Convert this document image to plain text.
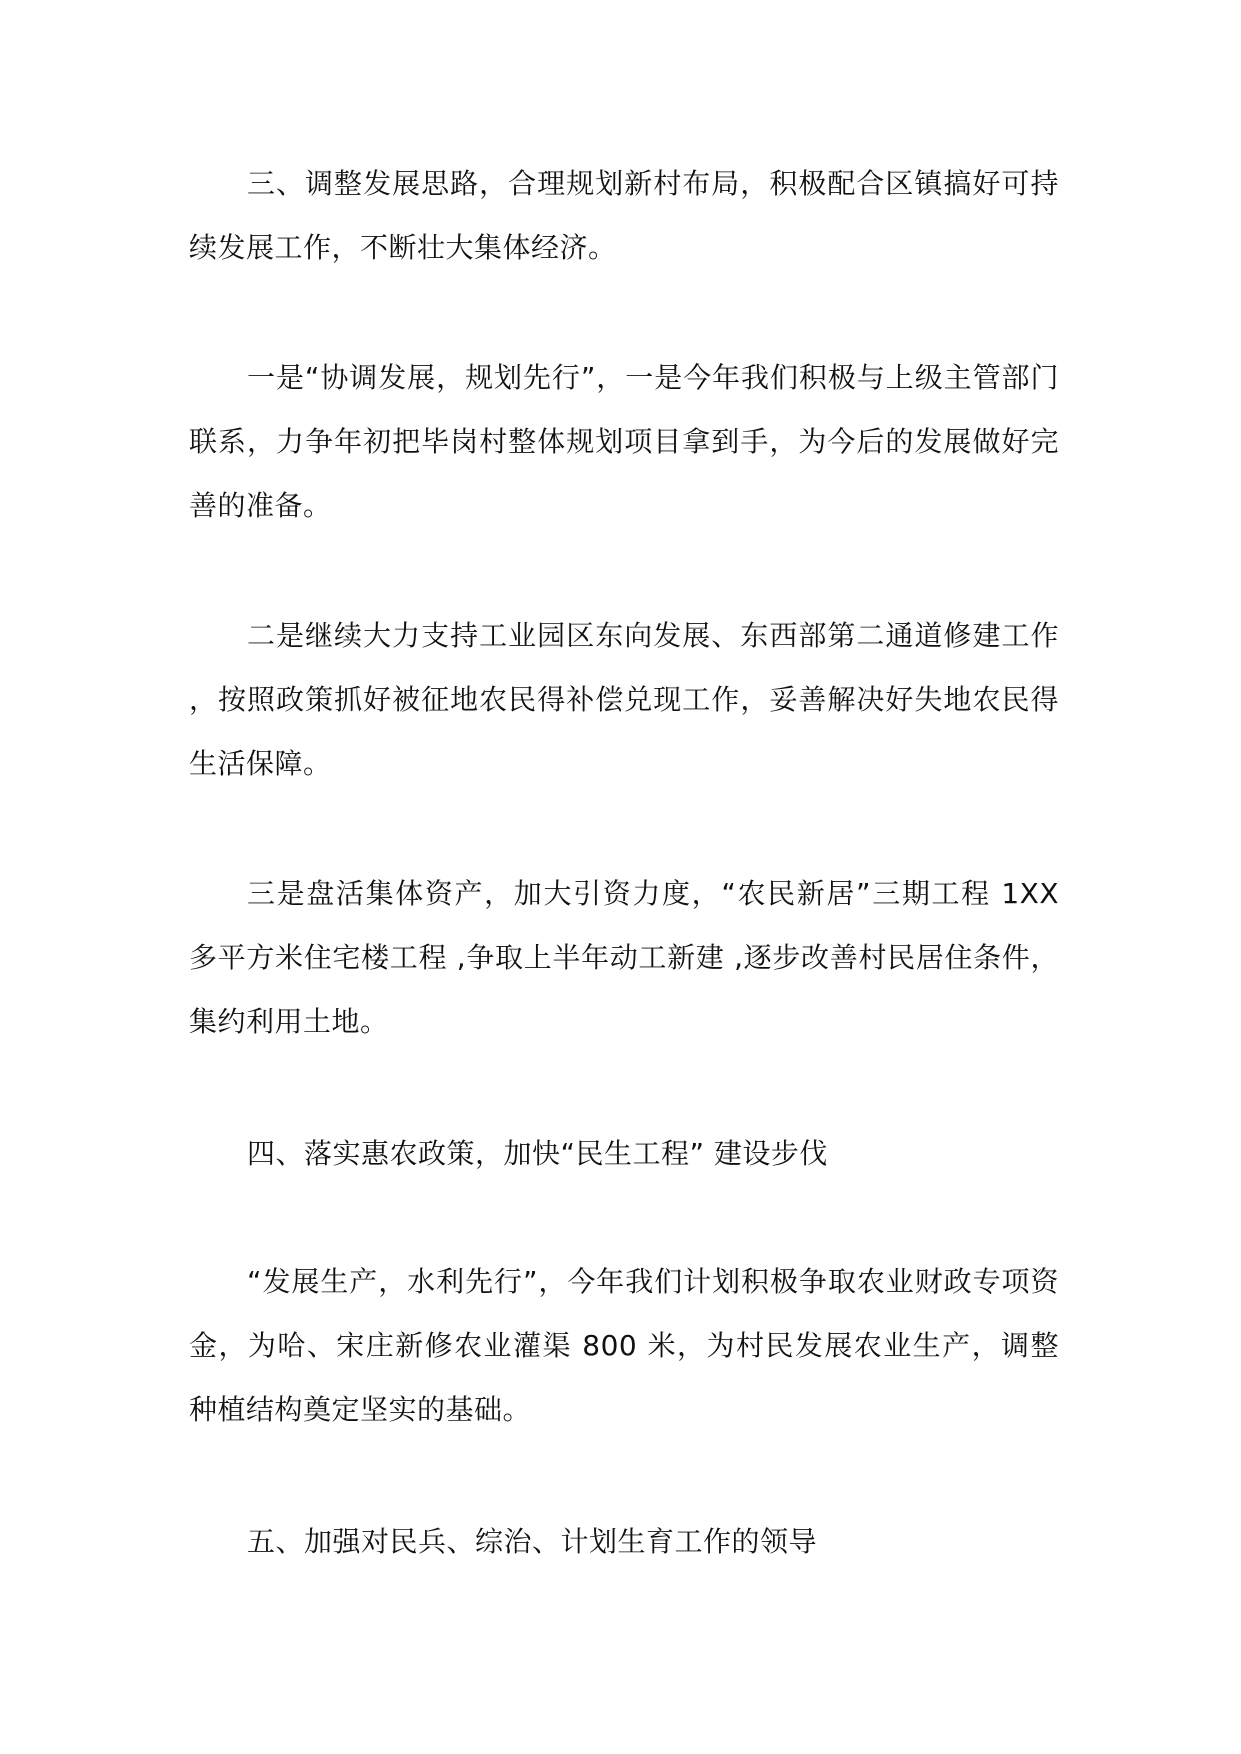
三、调整发展思路，合理规划新村布局，积极配合区镇搞好可持续发展工作，不断壮大集体经济。

一是“协调发展，规划先行”，一是今年我们积极与上级主管部门联系，力争年初把毕岗村整体规划项目拿到手，为今后的发展做好完善的准备。

二是继续大力支持工业园区东向发展、东西部第二通道修建工作 ，按照政策抓好被征地农民得补偿兑现工作，妥善解决好失地农民得生活保障。

三是盘活集体资产，加大引资力度，“农民新居”三期工程 1XX 多平方米住宅楼工程 ,争取上半年动工新建 ,逐步改善村民居住条件，集约利用土地。

四、落实惠农政策，加快“民生工程” 建设步伐

“发展生产，水利先行”，今年我们计划积极争取农业财政专项资金，为哈、宋庄新修农业灌渠 800 米，为村民发展农业生产，调整种植结构奠定坚实的基础。

五、加强对民兵、综治、计划生育工作的领导
